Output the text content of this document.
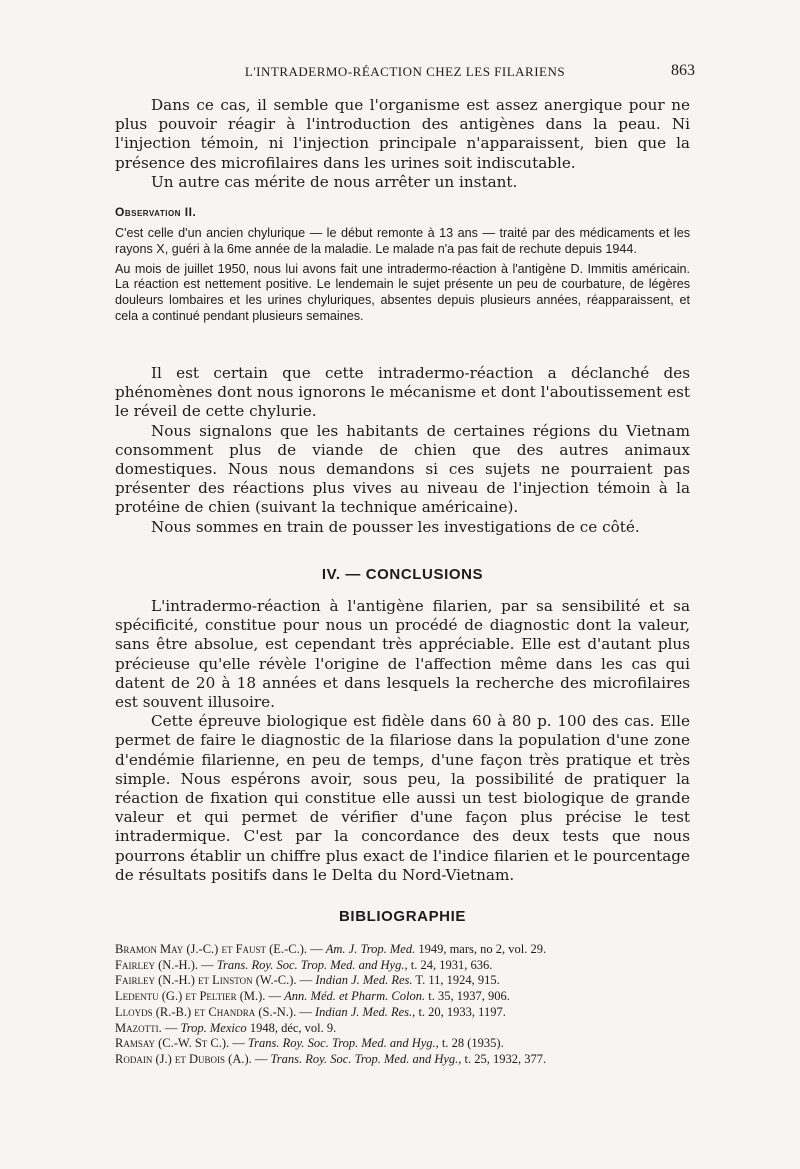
L'INTRADERMO-RÉACTION CHEZ LES FILARIENS	863

Dans ce cas, il semble que l'organisme est assez anergique pour ne plus pouvoir réagir à l'introduction des antigènes dans la peau. Ni l'injection témoin, ni l'injection principale n'apparaissent, bien que la présence des microfilaires dans les urines soit indiscutable.

Un autre cas mérite de nous arrêter un instant.

Observation II.

C'est celle d'un ancien chylurique — le début remonte à 13 ans — traité par des médicaments et les rayons X, guéri à la 6me année de la maladie. Le malade n'a pas fait de rechute depuis 1944.

Au mois de juillet 1950, nous lui avons fait une intradermo-réaction à l'antigène D. Immitis américain. La réaction est nettement positive. Le lendemain le sujet présente un peu de courbature, de légères douleurs lombaires et les urines chyluriques, absentes depuis plusieurs années, réapparaissent, et cela a continué pendant plusieurs semaines.

Il est certain que cette intradermo-réaction a déclanché des phénomènes dont nous ignorons le mécanisme et dont l'aboutissement est le réveil de cette chylurie.

Nous signalons que les habitants de certaines régions du Vietnam consomment plus de viande de chien que des autres animaux domestiques. Nous nous demandons si ces sujets ne pourraient pas présenter des réactions plus vives au niveau de l'injection témoin à la protéine de chien (suivant la technique américaine).

Nous sommes en train de pousser les investigations de ce côté.

IV. — CONCLUSIONS

L'intradermo-réaction à l'antigène filarien, par sa sensibilité et sa spécificité, constitue pour nous un procédé de diagnostic dont la valeur, sans être absolue, est cependant très appréciable. Elle est d'autant plus précieuse qu'elle révèle l'origine de l'affection même dans les cas qui datent de 20 à 18 années et dans lesquels la recherche des microfilaires est souvent illusoire.

Cette épreuve biologique est fidèle dans 60 à 80 p. 100 des cas. Elle permet de faire le diagnostic de la filariose dans la population d'une zone d'endémie filarienne, en peu de temps, d'une façon très pratique et très simple. Nous espérons avoir, sous peu, la possibilité de pratiquer la réaction de fixation qui constitue elle aussi un test biologique de grande valeur et qui permet de vérifier d'une façon plus précise le test intradermique. C'est par la concordance des deux tests que nous pourrons établir un chiffre plus exact de l'indice filarien et le pourcentage de résultats positifs dans le Delta du Nord-Vietnam.

BIBLIOGRAPHIE
Bramon May (J.-C.) et Faust (E.-C.). — Am. J. Trop. Med. 1949, mars, no 2, vol. 29.
Fairley (N.-H.). — Trans. Roy. Soc. Trop. Med. and Hyg., t. 24, 1931, 636.
Fairley (N.-H.) et Linston (W.-C.). — Indian J. Med. Res. T. 11, 1924, 915.
Ledentu (G.) et Peltier (M.). — Ann. Méd. et Pharm. Colon. t. 35, 1937, 906.
Lloyds (R.-B.) et Chandra (S.-N.). — Indian J. Med. Res., t. 20, 1933, 1197.
Mazotti. — Trop. Mexico 1948, déc, vol. 9.
Ramsay (C.-W. St C.). — Trans. Roy. Soc. Trop. Med. and Hyg., t. 28 (1935).
Rodain (J.) et Dubois (A.). — Trans. Roy. Soc. Trop. Med. and Hyg., t. 25, 1932, 377.
